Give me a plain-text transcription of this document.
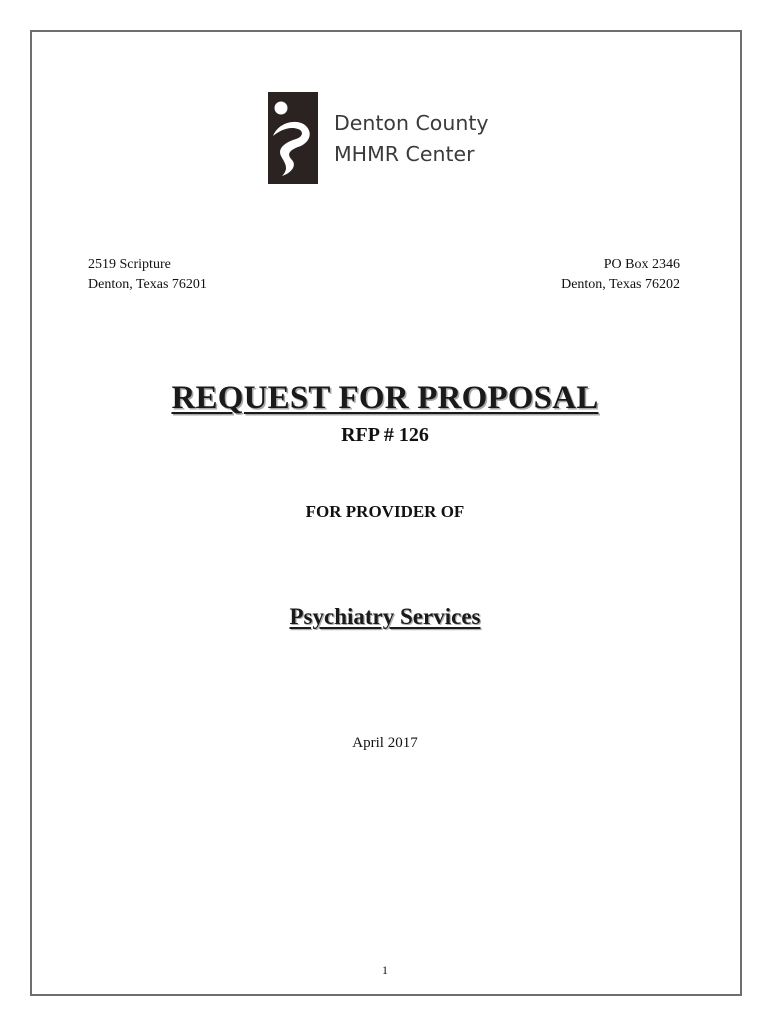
Denton County
MHMR Center
2519 Scripture
Denton, Texas 76201
PO Box 2346
Denton, Texas 76202
REQUEST FOR PROPOSAL
RFP # 126
FOR PROVIDER OF
Psychiatry Services
April 2017
1
